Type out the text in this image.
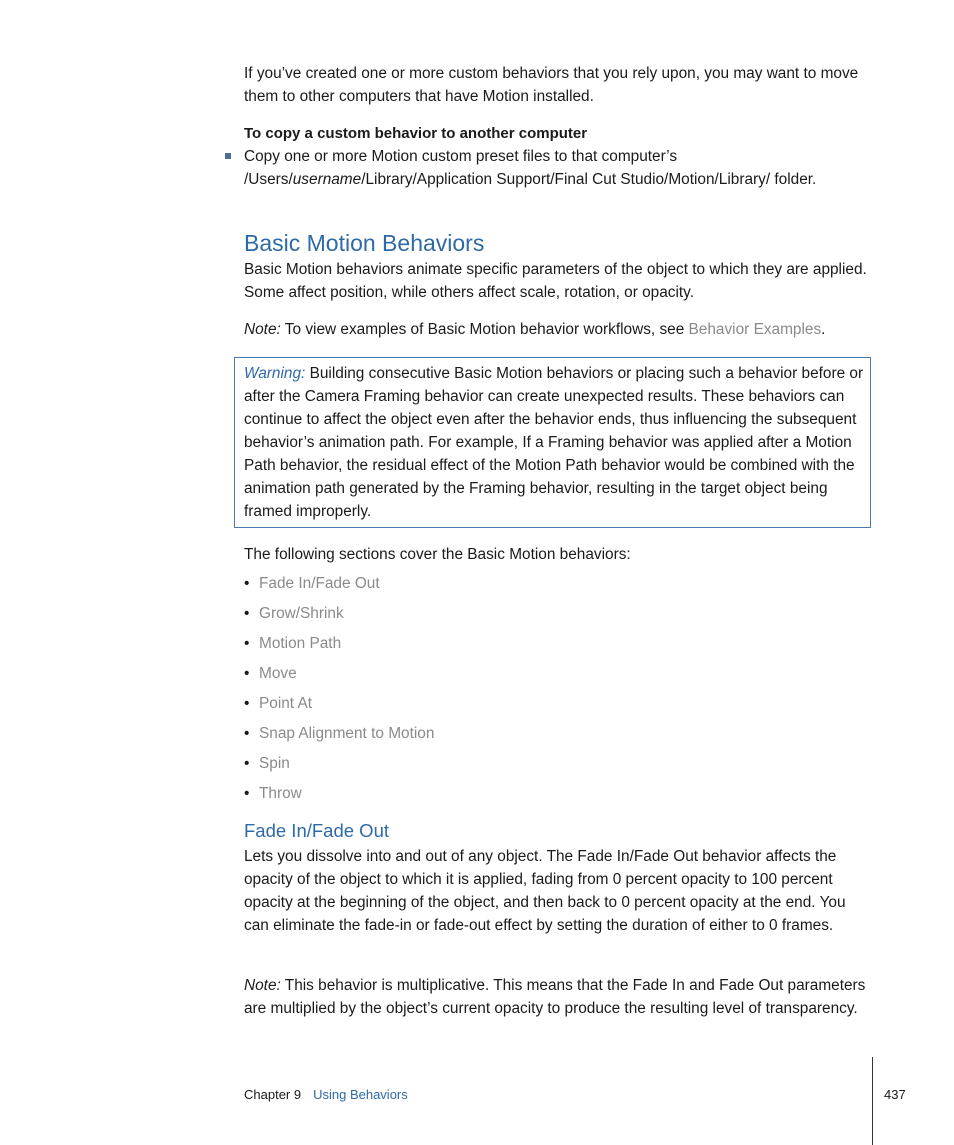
If you’ve created one or more custom behaviors that you rely upon, you may want to move them to other computers that have Motion installed.

To copy a custom behavior to another computer

Copy one or more Motion custom preset files to that computer’s /Users/username/Library/Application Support/Final Cut Studio/Motion/Library/ folder.

Basic Motion Behaviors

Basic Motion behaviors animate specific parameters of the object to which they are applied. Some affect position, while others affect scale, rotation, or opacity.

Note: To view examples of Basic Motion behavior workflows, see Behavior Examples.

Warning: Building consecutive Basic Motion behaviors or placing such a behavior before or after the Camera Framing behavior can create unexpected results. These behaviors can continue to affect the object even after the behavior ends, thus influencing the subsequent behavior’s animation path. For example, If a Framing behavior was applied after a Motion Path behavior, the residual effect of the Motion Path behavior would be combined with the animation path generated by the Framing behavior, resulting in the target object being framed improperly.

The following sections cover the Basic Motion behaviors:

• Fade In/Fade Out
• Grow/Shrink
• Motion Path
• Move
• Point At
• Snap Alignment to Motion
• Spin
• Throw
Fade In/Fade Out

Lets you dissolve into and out of any object. The Fade In/Fade Out behavior affects the opacity of the object to which it is applied, fading from 0 percent opacity to 100 percent opacity at the beginning of the object, and then back to 0 percent opacity at the end. You can eliminate the fade-in or fade-out effect by setting the duration of either to 0 frames.

Note: This behavior is multiplicative. This means that the Fade In and Fade Out parameters are multiplied by the object’s current opacity to produce the resulting level of transparency.

Chapter 9 Using Behaviors	437
